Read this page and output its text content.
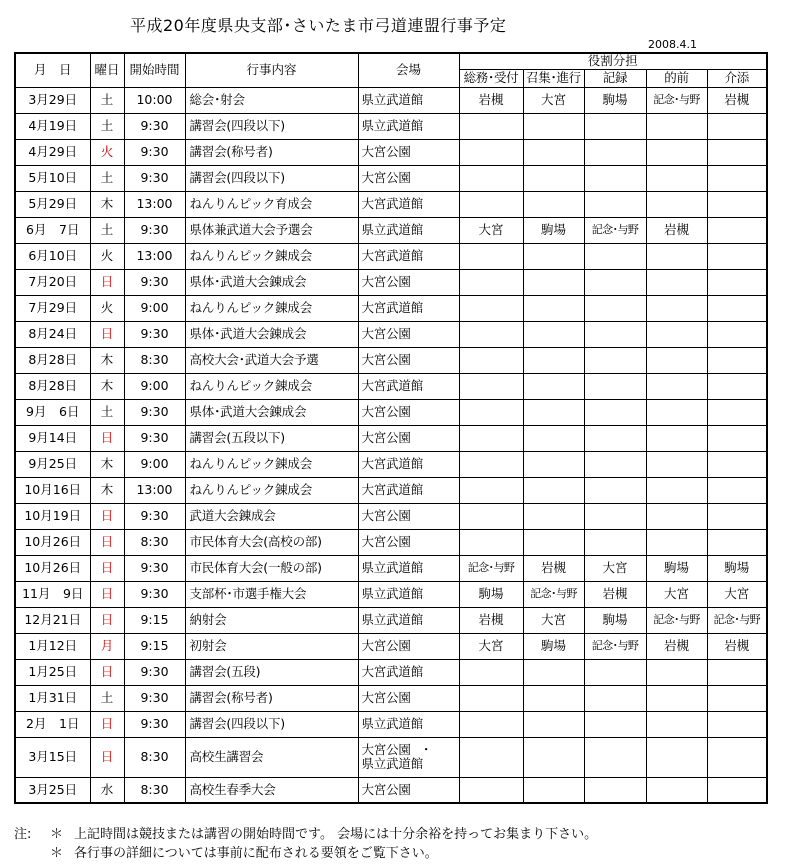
平成20年度県央支部･さいたま市弓道連盟行事予定
2008.4.1
月　日	曜日	開始時間	行事内容	会場	役割分担				
					総務･受付	召集･進行	記録	的前	介添
3月29日	土	10:00	総会･射会	県立武道館	岩槻	大宮	駒場	記念･与野	岩槻
4月19日	土	9:30	講習会(四段以下)	県立武道館					

4月29日	火	9:30	講習会(称号者)	大宮公園					

5月10日	土	9:30	講習会(四段以下)	大宮公園					

5月29日	木	13:00	ねんりんピック育成会	大宮武道館					

6月　7日	土	9:30	県体兼武道大会予選会	県立武道館	大宮	駒場	記念･与野	岩槻	
6月10日	火	13:00	ねんりんピック錬成会	大宮武道館					

7月20日	日	9:30	県体･武道大会錬成会	大宮公園					

7月29日	火	9:00	ねんりんピック錬成会	大宮武道館					

8月24日	日	9:30	県体･武道大会錬成会	大宮公園					

8月28日	木	8:30	高校大会･武道大会予選	大宮公園					

8月28日	木	9:00	ねんりんピック錬成会	大宮武道館					

9月　6日	土	9:30	県体･武道大会錬成会	大宮公園					

9月14日	日	9:30	講習会(五段以下)	大宮公園					

9月25日	木	9:00	ねんりんピック錬成会	大宮武道館					

10月16日	木	13:00	ねんりんピック錬成会	大宮武道館					

10月19日	日	9:30	武道大会錬成会	大宮公園					

10月26日	日	8:30	市民体育大会(高校の部)	大宮公園					

10月26日	日	9:30	市民体育大会(一般の部)	県立武道館	記念･与野	岩槻	大宮	駒場	駒場
11月　9日	日	9:30	支部杯･市選手権大会	県立武道館	駒場	記念･与野	岩槻	大宮	大宮
12月21日	日	9:15	納射会	県立武道館	岩槻	大宮	駒場	記念･与野	記念･与野
1月12日	月	9:15	初射会	大宮公園	大宮	駒場	記念･与野	岩槻	岩槻
1月25日	日	9:30	講習会(五段)	大宮武道館					

1月31日	土	9:30	講習会(称号者)	大宮公園					

2月　1日	日	9:30	講習会(四段以下)	県立武道館					

3月15日	日	8:30	高校生講習会	大宮公園　･
県立武道館					

3月25日	水	8:30	高校生春季大会	大宮公園					

注: ＊ 上記時間は競技または講習の開始時間です。 会場には十分余裕を持ってお集まり下さい。
＊ 各行事の詳細については事前に配布される要領をご覧下さい。
